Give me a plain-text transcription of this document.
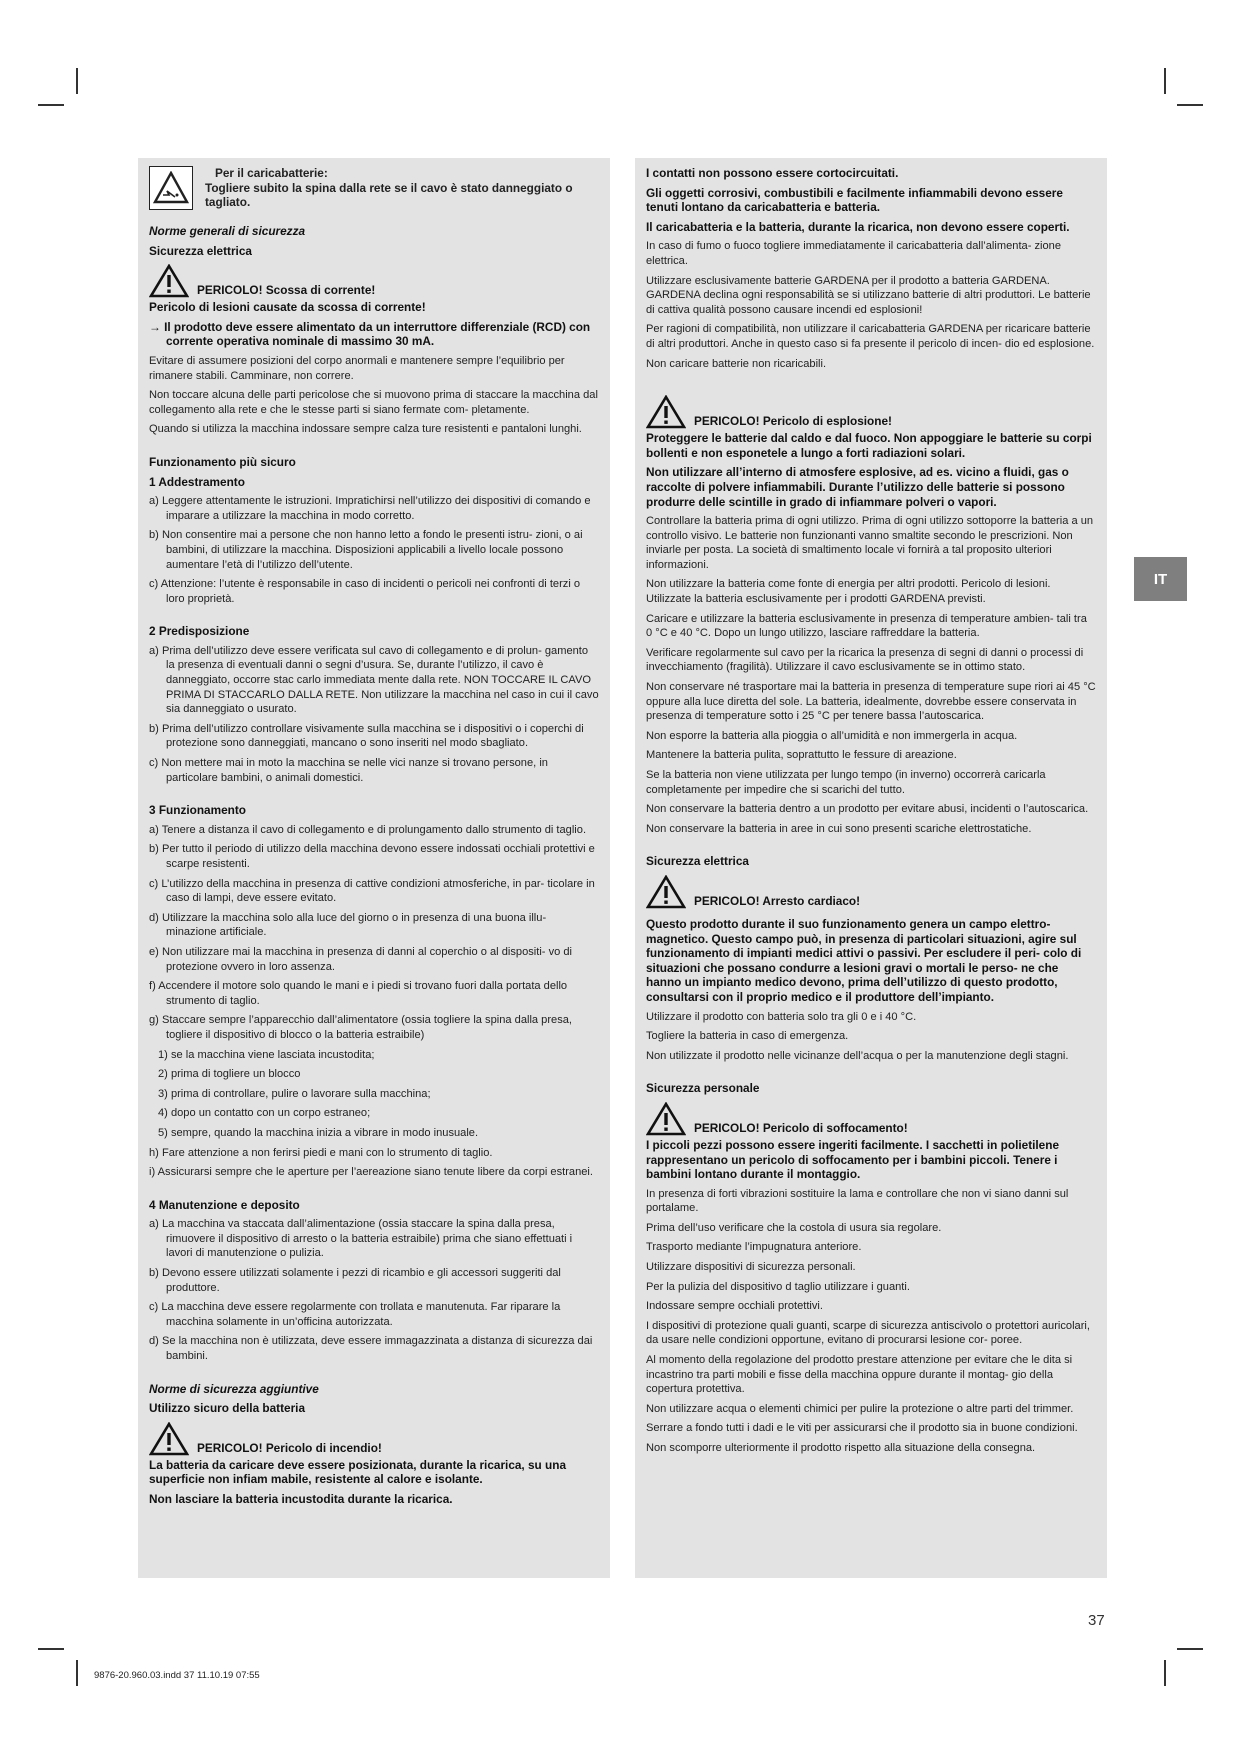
Per il caricabatterie:

Togliere subito la spina dalla rete se il cavo è stato danneggiato o tagliato.

Norme generali di sicurezza

Sicurezza elettrica

PERICOLO! Scossa di corrente!

Pericolo di lesioni causate da scossa di corrente!

→ Il prodotto deve essere alimentato da un interruttore differenziale (RCD) con corrente operativa nominale di massimo 30 mA.

Evitare di assumere posizioni del corpo anormali e mantenere sempre l’equilibrio per rimanere stabili. Camminare, non correre.

Non toccare alcuna delle parti pericolose che si muovono prima di staccare la macchina dal collegamento alla rete e che le stesse parti si siano fermate com- pletamente.

Quando si utilizza la macchina indossare sempre calza ture resistenti e pantaloni lunghi.

Funzionamento più sicuro

1 Addestramento

a) Leggere attentamente le istruzioni. Impratichirsi nell’utilizzo dei dispositivi di comando e imparare a utilizzare la macchina in modo corretto.

b) Non consentire mai a persone che non hanno letto a fondo le presenti istru- zioni, o ai bambini, di utilizzare la macchina. Disposizioni applicabili a livello locale possono aumentare l’età di l’utilizzo dell’utente.

c) Attenzione: l’utente è responsabile in caso di incidenti o pericoli nei confronti di terzi o loro proprietà.

2 Predisposizione

a) Prima dell’utilizzo deve essere verificata sul cavo di collegamento e di prolun- gamento la presenza di eventuali danni o segni d’usura. Se, durante l’utilizzo, il cavo è danneggiato, occorre stac carlo immediata mente dalla rete. NON TOCCARE IL CAVO PRIMA DI STACCARLO DALLA RETE. Non utilizzare la macchina nel caso in cui il cavo sia danneggiato o usurato.

b) Prima dell’utilizzo controllare visivamente sulla macchina se i dispositivi o i coperchi di protezione sono danneggiati, mancano o sono inseriti nel modo sbagliato.

c) Non mettere mai in moto la macchina se nelle vici nanze si trovano persone, in particolare bambini, o animali domestici.

3 Funzionamento

a) Tenere a distanza il cavo di collegamento e di prolungamento dallo strumento di taglio.

b) Per tutto il periodo di utilizzo della macchina devono essere indossati occhiali protettivi e scarpe resistenti.

c) L’utilizzo della macchina in presenza di cattive condizioni atmosferiche, in par- ticolare in caso di lampi, deve essere evitato.

d) Utilizzare la macchina solo alla luce del giorno o in presenza di una buona illu- minazione artificiale.

e) Non utilizzare mai la macchina in presenza di danni al coperchio o al dispositi- vo di protezione ovvero in loro assenza.

f) Accendere il motore solo quando le mani e i piedi si trovano fuori dalla portata dello strumento di taglio.

g) Staccare sempre l’apparecchio dall’alimentatore (ossia togliere la spina dalla presa, togliere il dispositivo di blocco o la batteria estraibile)

1) se la macchina viene lasciata incustodita;

2) prima di togliere un blocco

3) prima di controllare, pulire o lavorare sulla macchina;

4) dopo un contatto con un corpo estraneo;

5) sempre, quando la macchina inizia a vibrare in modo inusuale.

h) Fare attenzione a non ferirsi piedi e mani con lo strumento di taglio.

i) Assicurarsi sempre che le aperture per l’aereazione siano tenute libere da corpi estranei.

4 Manutenzione e deposito

a) La macchina va staccata dall’alimentazione (ossia staccare la spina dalla presa, rimuovere il dispositivo di arresto o la batteria estraibile) prima che siano effettuati i lavori di manutenzione o pulizia.

b) Devono essere utilizzati solamente i pezzi di ricambio e gli accessori suggeriti dal produttore.

c) La macchina deve essere regolarmente con trollata e manutenuta. Far riparare la macchina solamente in un’officina autorizzata.

d) Se la macchina non è utilizzata, deve essere immagazzinata a distanza di sicurezza dai bambini.

Norme di sicurezza aggiuntive

Utilizzo sicuro della batteria

PERICOLO! Pericolo di incendio!

La batteria da caricare deve essere posizionata, durante la ricarica, su una superficie non infiam mabile, resistente al calore e isolante.

Non lasciare la batteria incustodita durante la ricarica.

I contatti non possono essere cortocircuitati.

Gli oggetti corrosivi, combustibili e facilmente infiammabili devono essere tenuti lontano da caricabatteria e batteria.

Il caricabatteria e la batteria, durante la ricarica, non devono essere coperti.

In caso di fumo o fuoco togliere immediatamente il caricabatteria dall’alimenta- zione elettrica.

Utilizzare esclusivamente batterie GARDENA per il prodotto a batteria GARDENA. GARDENA declina ogni responsabilità se si utilizzano batterie di altri produttori. Le batterie di cattiva qualità possono causare incendi ed esplosioni!

Per ragioni di compatibilità, non utilizzare il caricabatteria GARDENA per ricaricare batterie di altri produttori. Anche in questo caso si fa presente il pericolo di incen- dio ed esplosione.

Non caricare batterie non ricaricabili.

PERICOLO! Pericolo di esplosione!

Proteggere le batterie dal caldo e dal fuoco. Non appoggiare le batterie su corpi bollenti e non esponetele a lungo a forti radiazioni solari.

Non utilizzare all’interno di atmosfere esplosive, ad es. vicino a fluidi, gas o raccolte di polvere infiammabili. Durante l’utilizzo delle batterie si possono produrre delle scintille in grado di infiammare polveri o vapori.

Controllare la batteria prima di ogni utilizzo. Prima di ogni utilizzo sottoporre la batteria a un controllo visivo. Le batterie non funzionanti vanno smaltite secondo le prescrizioni. Non inviarle per posta. La società di smaltimento locale vi fornirà a tal proposito ulteriori informazioni.

Non utilizzare la batteria come fonte di energia per altri prodotti. Pericolo di lesioni. Utilizzate la batteria esclusivamente per i prodotti GARDENA previsti.

Caricare e utilizzare la batteria esclusivamente in presenza di temperature ambien- tali tra 0 °C e 40 °C. Dopo un lungo utilizzo, lasciare raffreddare la batteria.

Verificare regolarmente sul cavo per la ricarica la presenza di segni di danni o processi di invecchiamento (fragilità). Utilizzare il cavo esclusivamente se in ottimo stato.

Non conservare né trasportare mai la batteria in presenza di temperature supe riori ai 45 °C oppure alla luce diretta del sole. La batteria, idealmente, dovrebbe essere conservata in presenza di temperature sotto i 25 °C per tenere bassa l’autoscarica.

Non esporre la batteria alla pioggia o all’umidità e non immergerla in acqua.

Mantenere la batteria pulita, soprattutto le fessure di areazione.

Se la batteria non viene utilizzata per lungo tempo (in inverno) occorrerà caricarla completamente per impedire che si scarichi del tutto.

Non conservare la batteria dentro a un prodotto per evitare abusi, incidenti o l’autoscarica.

Non conservare la batteria in aree in cui sono presenti scariche elettrostatiche.

Sicurezza elettrica

PERICOLO! Arresto cardiaco!

Questo prodotto durante il suo funzionamento genera un campo elettro- magnetico. Questo campo può, in presenza di particolari situazioni, agire sul funzionamento di impianti medici attivi o passivi. Per escludere il peri- colo di situazioni che possano condurre a lesioni gravi o mortali le perso- ne che hanno un impianto medico devono, prima dell’utilizzo di questo prodotto, consultarsi con il proprio medico e il produttore dell’impianto.

Utilizzare il prodotto con batteria solo tra gli 0 e i 40 °C.

Togliere la batteria in caso di emergenza.

Non utilizzate il prodotto nelle vicinanze dell’acqua o per la manutenzione degli stagni.

Sicurezza personale

PERICOLO! Pericolo di soffocamento!

I piccoli pezzi possono essere ingeriti facilmente. I sacchetti in polietilene rappresentano un pericolo di soffocamento per i bambini piccoli. Tenere i bambini lontano durante il montaggio.

In presenza di forti vibrazioni sostituire la lama e controllare che non vi siano danni sul portalame.

Prima dell’uso verificare che la costola di usura sia regolare.

Trasporto mediante l’impugnatura anteriore.

Utilizzare dispositivi di sicurezza personali.

Per la pulizia del dispositivo d taglio utilizzare i guanti.

Indossare sempre occhiali protettivi.

I dispositivi di protezione quali guanti, scarpe di sicurezza antiscivolo o protettori auricolari, da usare nelle condizioni opportune, evitano di procurarsi lesione cor- poree.

Al momento della regolazione del prodotto prestare attenzione per evitare che le dita si incastrino tra parti mobili e fisse della macchina oppure durante il montag- gio della copertura protettiva.

Non utilizzare acqua o elementi chimici per pulire la protezione o altre parti del trimmer.

Serrare a fondo tutti i dadi e le viti per assicurarsi che il prodotto sia in buone condizioni.

Non scomporre ulteriormente il prodotto rispetto alla situazione della consegna.

IT
37
9876-20.960.03.indd 37 11.10.19 07:55
